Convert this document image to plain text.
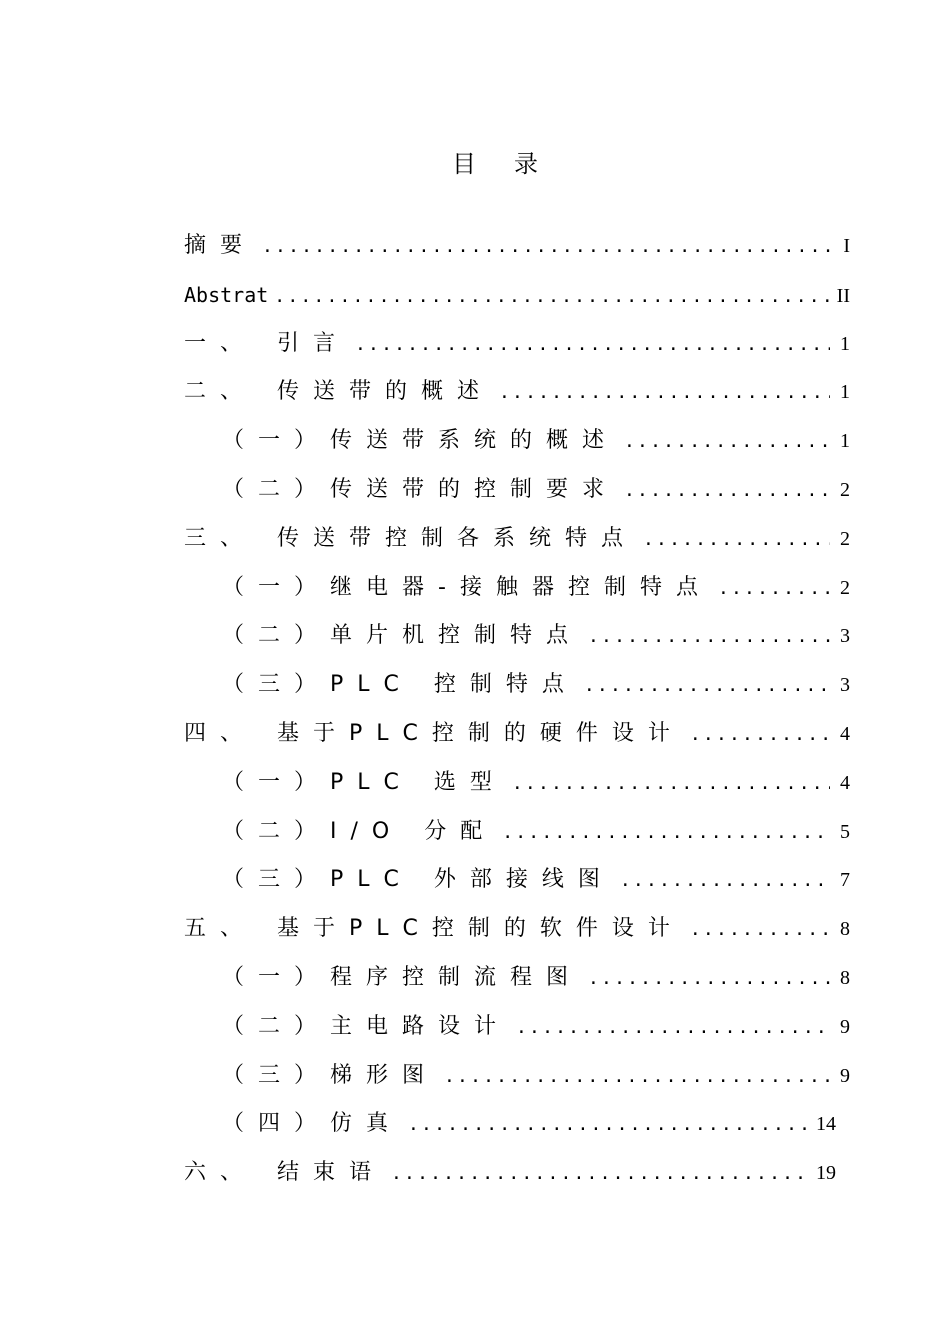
目录
摘要 .....	I
Abstrat .....	II
一、 引言 .....	1
二、 传送带的概述 .....	1
（一）传送带系统的概述 .....	1
（二）传送带的控制要求 .....	2
三、 传送带控制各系统特点 .....	2
（一）继电器-接触器控制特点 .....	2
（二）单片机控制特点 .....	3
（三）PLC 控制特点 .....	3
四、 基于PLC控制的硬件设计 .....	4
（一）PLC 选型 .....	4
（二）I/O 分配 .....	5
（三）PLC 外部接线图 .....	7
五、 基于PLC控制的软件设计 .....	8
（一）程序控制流程图 .....	8
（二）主电路设计 .....	9
（三）梯形图 .....	9
（四）仿真 .....	14
六、 结束语 .....	19
